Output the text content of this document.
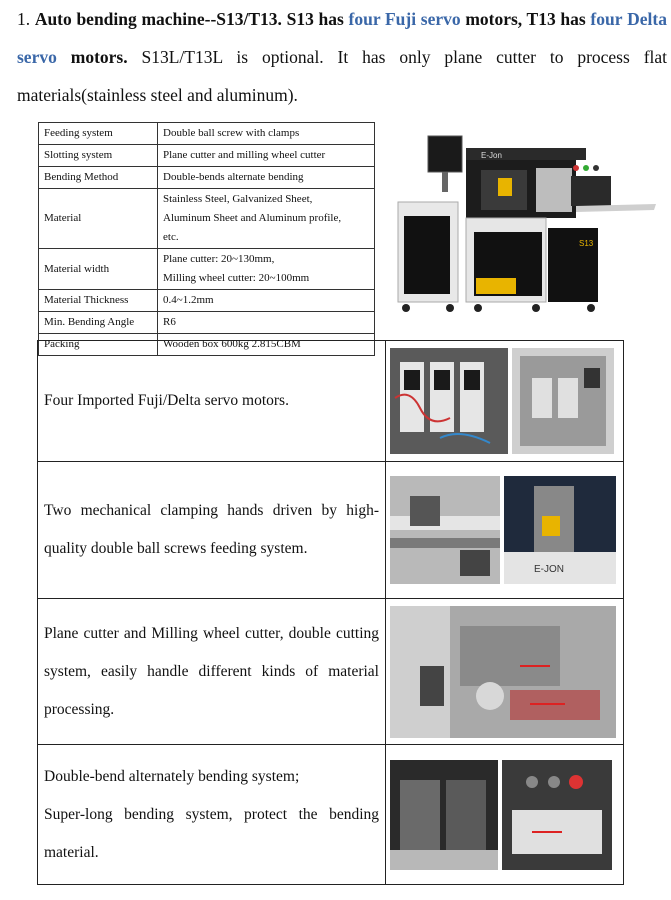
1. Auto bending machine--S13/T13. S13 has four Fuji servo motors, T13 has four Delta servo motors. S13L/T13L is optional. It has only plane cutter to process flat materials(stainless steel and aluminum).
Feeding system	Double ball screw with clamps

Slotting system	Plane cutter and milling wheel cutter

Bending Method	Double-bends alternate bending

Material	Stainless Steel, Galvanized Sheet,
Aluminum Sheet and Aluminum profile,
etc.

Material width	Plane cutter: 20~130mm,
Milling wheel cutter: 20~100mm

Material Thickness	0.4~1.2mm

Min. Bending Angle	R6

Packing	Wooden box 600kg 2.815CBM
E-Jon
S13
Four Imported Fuji/Delta servo motors.

Two mechanical clamping hands driven by high-quality double ball screws feeding system.	E-JON

Plane cutter and Milling wheel cutter, double cutting system, easily handle different kinds of material processing.

Double-bend alternately bending system;
Super-long bending system, protect the bending material.
